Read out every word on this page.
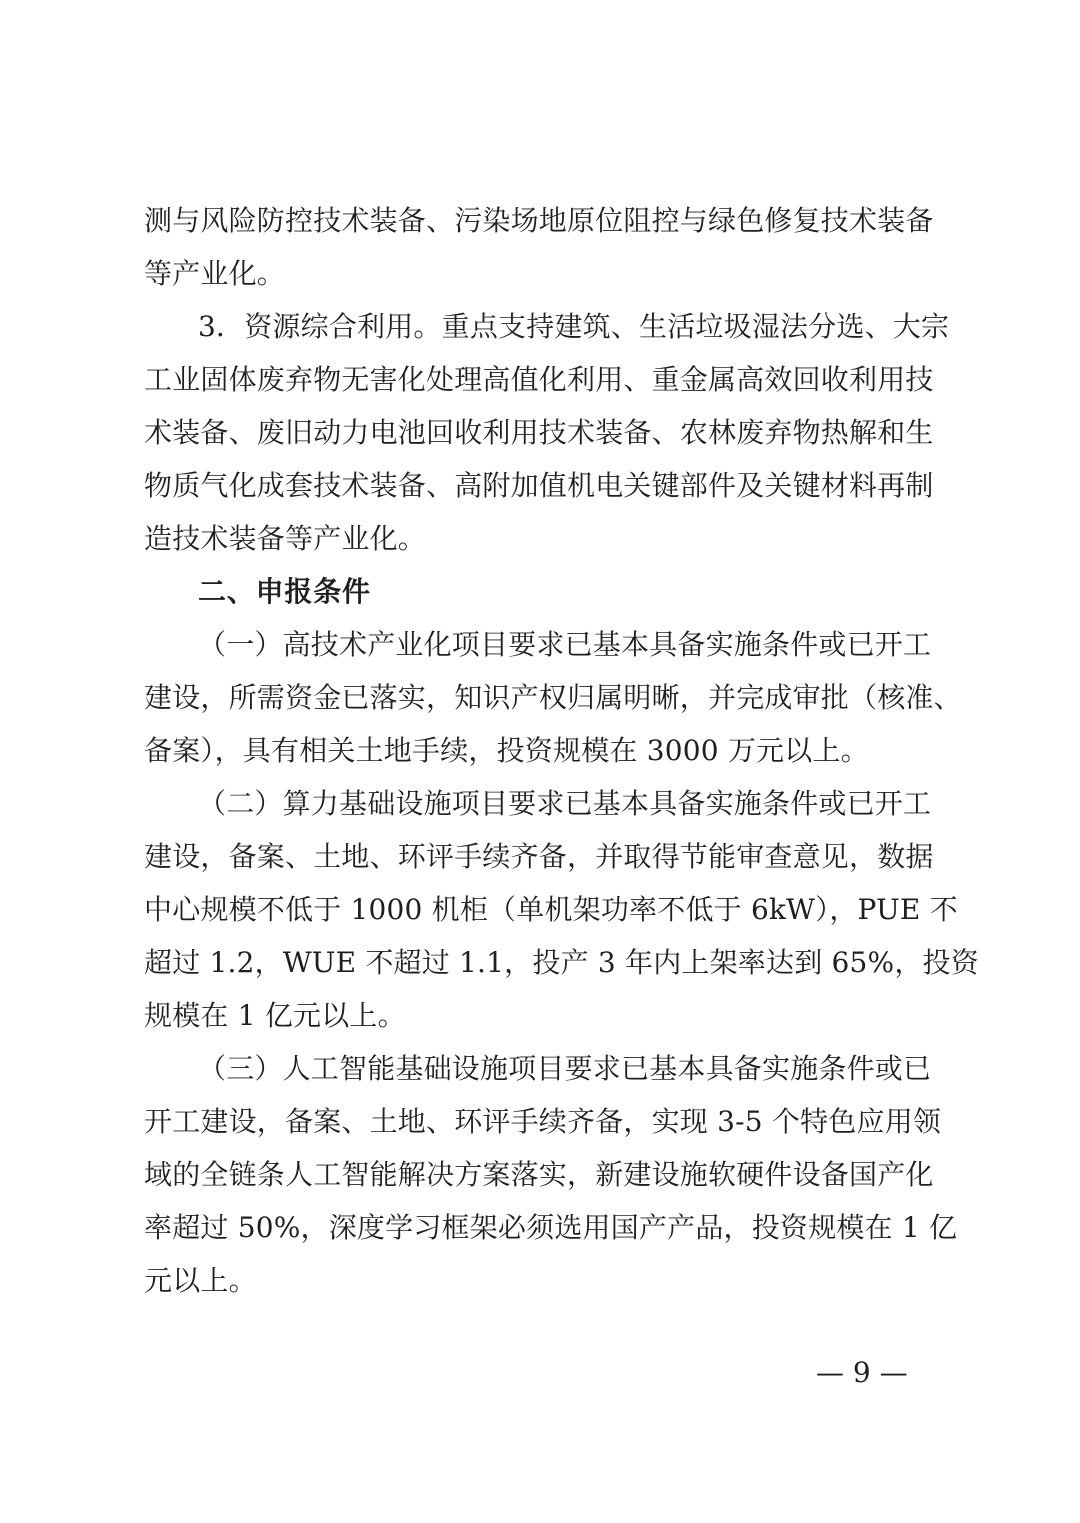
测与风险防控技术装备、污染场地原位阻控与绿色修复技术装备
等产业化。
3．资源综合利用。重点支持建筑、生活垃圾湿法分选、大宗
工业固体废弃物无害化处理高值化利用、重金属高效回收利用技
术装备、废旧动力电池回收利用技术装备、农林废弃物热解和生
物质气化成套技术装备、高附加值机电关键部件及关键材料再制
造技术装备等产业化。
二、申报条件
（一）高技术产业化项目要求已基本具备实施条件或已开工
建设，所需资金已落实，知识产权归属明晰，并完成审批（核准、
备案），具有相关土地手续，投资规模在 3000 万元以上。
（二）算力基础设施项目要求已基本具备实施条件或已开工
建设，备案、土地、环评手续齐备，并取得节能审查意见，数据
中心规模不低于 1000 机柜（单机架功率不低于 6kW），PUE 不
超过 1.2，WUE 不超过 1.1，投产 3 年内上架率达到 65%，投资
规模在 1 亿元以上。
（三）人工智能基础设施项目要求已基本具备实施条件或已
开工建设，备案、土地、环评手续齐备，实现 3-5 个特色应用领
域的全链条人工智能解决方案落实，新建设施软硬件设备国产化
率超过 50%，深度学习框架必须选用国产产品，投资规模在 1 亿
元以上。
— 9 —
